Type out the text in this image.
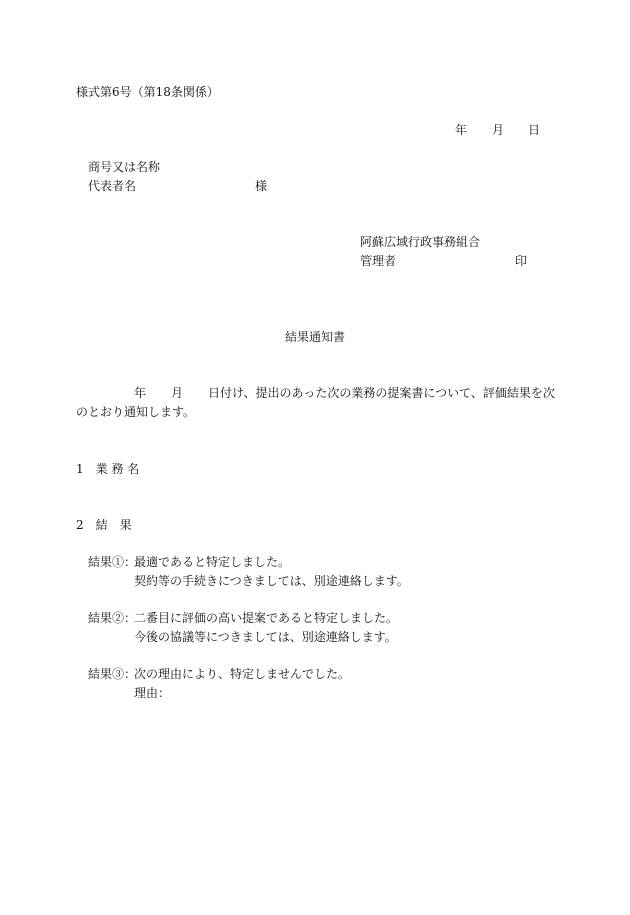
様式第6号（第18条関係）
年 月 日
商号又は名称
代表者名	様
阿蘇広域行政事務組合
管理者	印
結果通知書
年 月 日付け、提出のあった次の業務の提案書について、評価結果を次
のとおり通知します。
1　業 務 名
2　結　果
結果①：
最適であると特定しました。
契約等の手続きにつきましては、別途連絡します。
結果②：
二番目に評価の高い提案であると特定しました。
今後の協議等につきましては、別途連絡します。
結果③：
次の理由により、特定しませんでした。
理由：
